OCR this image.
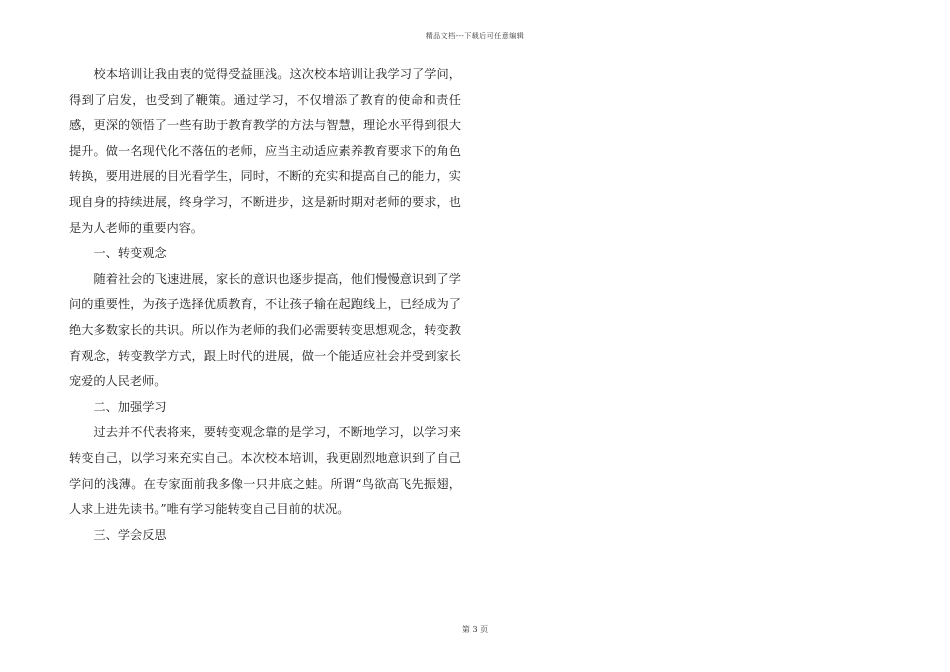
精品文档---下载后可任意编辑

校本培训让我由衷的觉得受益匪浅。这次校本培训让我学习了学问，得到了启发，也受到了鞭策。通过学习，不仅增添了教育的使命和责任感，更深的领悟了一些有助于教育教学的方法与智慧，理论水平得到很大提升。做一名现代化不落伍的老师，应当主动适应素养教育要求下的角色转换，要用进展的目光看学生，同时，不断的充实和提高自己的能力，实现自身的持续进展，终身学习，不断进步，这是新时期对老师的要求，也是为人老师的重要内容。

一、转变观念

随着社会的飞速进展，家长的意识也逐步提高，他们慢慢意识到了学问的重要性，为孩子选择优质教育，不让孩子输在起跑线上，已经成为了绝大多数家长的共识。所以作为老师的我们必需要转变思想观念，转变教育观念，转变教学方式，跟上时代的进展，做一个能适应社会并受到家长宠爱的人民老师。

二、加强学习

过去并不代表将来，要转变观念靠的是学习，不断地学习，以学习来转变自己，以学习来充实自己。本次校本培训，我更剧烈地意识到了自己学问的浅薄。在专家面前我多像一只井底之蛙。所谓“鸟欲高飞先振翅，人求上进先读书。”唯有学习能转变自己目前的状况。

三、学会反思

第 3 页
